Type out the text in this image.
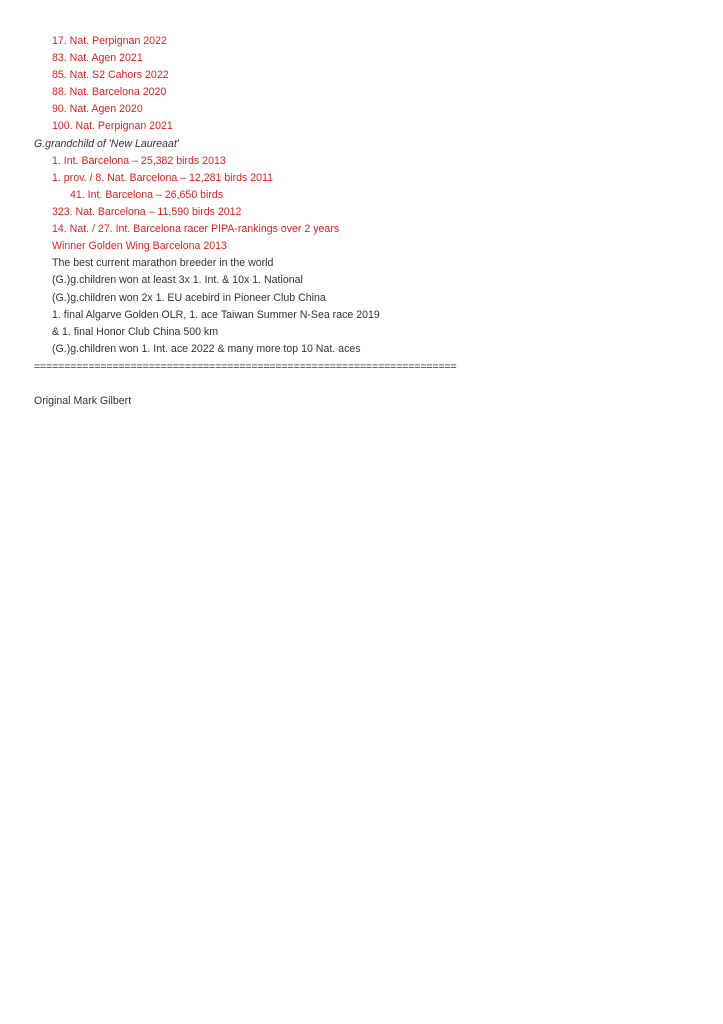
17. Nat. Perpignan 2022
83. Nat. Agen 2021
85. Nat. S2 Cahors 2022
88. Nat. Barcelona 2020
90. Nat. Agen 2020
100. Nat. Perpignan 2021
G.grandchild of 'New Laureaat'
1. Int. Barcelona – 25,382 birds 2013
1. prov. / 8. Nat. Barcelona – 12,281 birds 2011
41. Int. Barcelona – 26,650 birds
323. Nat. Barcelona – 11,590 birds 2012
14. Nat. / 27. Int. Barcelona racer PIPA-rankings over 2 years
Winner Golden Wing Barcelona 2013
The best current marathon breeder in the world
(G.)g.children won at least 3x 1. Int. & 10x 1. National
(G.)g.children won 2x 1. EU acebird in Pioneer Club China
1. final Algarve Golden OLR, 1. ace Taiwan Summer N-Sea race 2019
& 1. final Honor Club China 500 km
(G.)g.children won 1. Int. ace 2022 & many more top 10 Nat. aces
======================================================================
Original Mark Gilbert
